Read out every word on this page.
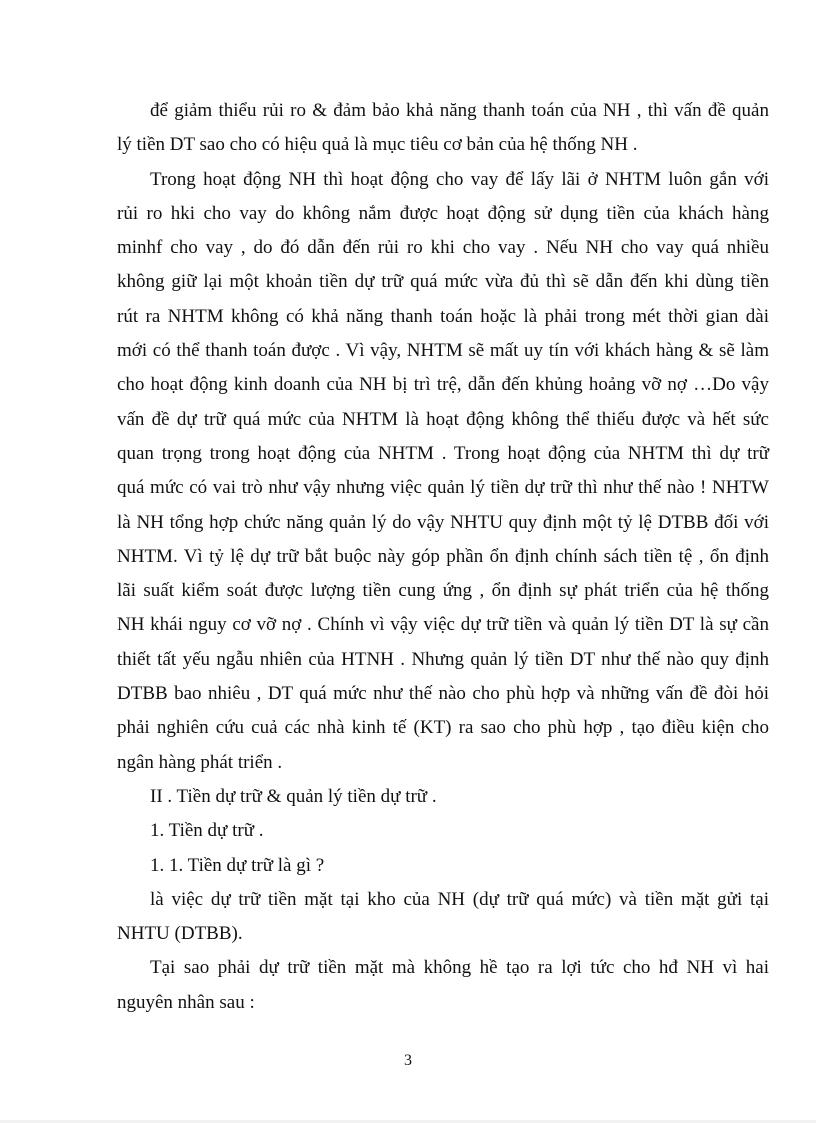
để giảm thiểu rủi ro & đảm bảo khả năng thanh toán của NH , thì vấn đề quản
lý tiền DT sao cho có hiệu quả là mục tiêu cơ bản của hệ thống NH .
Trong hoạt động NH thì hoạt động cho vay để lấy lãi ở NHTM luôn gắn với
rủi ro hki cho vay do không nắm được hoạt động sử dụng tiền của khách hàng
minhf cho vay , do đó dẫn đến rủi ro khi cho vay . Nếu NH cho vay quá nhiều
không giữ lại một khoản tiền dự trữ quá mức vừa đủ thì sẽ dẫn đến khi dùng tiền
rút ra NHTM không có khả năng thanh toán hoặc là phải trong mét thời gian dài
mới có thể thanh toán được . Vì vậy, NHTM sẽ mất uy tín với khách hàng & sẽ làm
cho hoạt động kinh doanh của NH bị trì trệ, dẫn đến khủng hoảng vỡ nợ …Do vậy
vấn đề dự trữ quá mức của NHTM là hoạt động không thể thiếu được và hết sức
quan trọng trong hoạt động của NHTM . Trong hoạt động của NHTM thì dự trữ
quá mức có vai trò như vậy nhưng việc quản lý tiền dự trữ thì như thế nào ! NHTW
là NH tổng hợp chức năng quản lý do vậy NHTU quy định một tỷ lệ DTBB đối với
NHTM. Vì tỷ lệ dự trữ bắt buộc này góp phần ổn định chính sách tiền tệ , ổn định
lãi suất kiểm soát được lượng tiền cung ứng , ổn định sự phát triển của hệ thống
NH khái nguy cơ vỡ nợ . Chính vì vậy việc dự trữ tiền và quản lý tiền DT là sự cần
thiết tất yếu ngẫu nhiên của HTNH . Nhưng quản lý tiền DT như thế nào quy định
DTBB bao nhiêu , DT quá mức như thế nào cho phù hợp và những vấn đề đòi hỏi
phải nghiên cứu cuả các nhà kinh tế (KT) ra sao cho phù hợp , tạo điều kiện cho
ngân hàng phát triển .
II . Tiền dự trữ & quản lý tiền dự trữ .
1. Tiền dự trữ .
1. 1. Tiền dự trữ là gì ?
là việc dự trữ tiền mặt tại kho của NH (dự trữ quá mức) và tiền mặt gửi tại
NHTU (DTBB).
Tại sao phải dự trữ tiền mặt mà không hề tạo ra lợi tức cho hđ NH vì hai
nguyên nhân sau :
3
